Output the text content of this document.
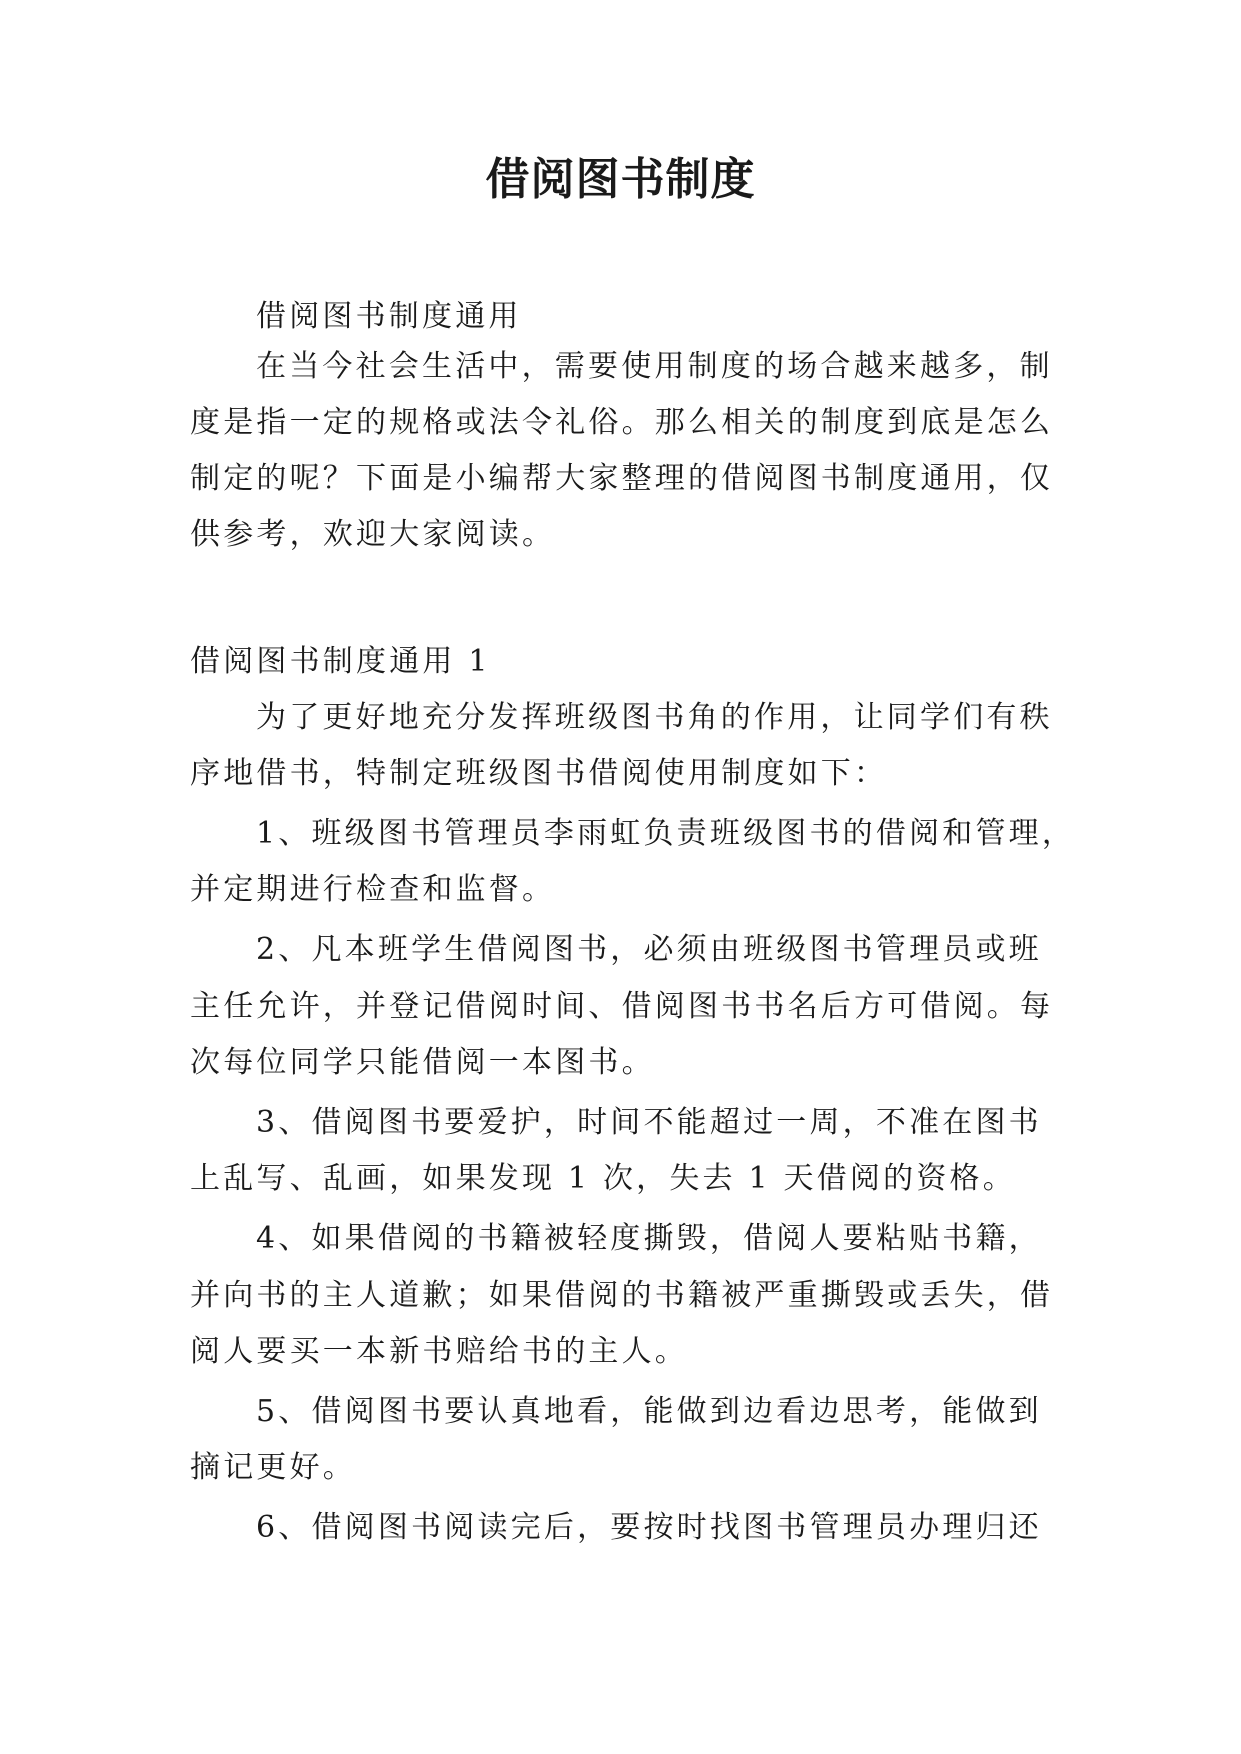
借阅图书制度
借阅图书制度通用
在当今社会生活中，需要使用制度的场合越来越多，制
度是指一定的规格或法令礼俗。那么相关的制度到底是怎么
制定的呢？下面是小编帮大家整理的借阅图书制度通用，仅
供参考，欢迎大家阅读。
借阅图书制度通用 1
为了更好地充分发挥班级图书角的作用，让同学们有秩
序地借书，特制定班级图书借阅使用制度如下：
1、班级图书管理员李雨虹负责班级图书的借阅和管理，
并定期进行检查和监督。
2、凡本班学生借阅图书，必须由班级图书管理员或班
主任允许，并登记借阅时间、借阅图书书名后方可借阅。每
次每位同学只能借阅一本图书。
3、借阅图书要爱护，时间不能超过一周，不准在图书
上乱写、乱画，如果发现 1 次，失去 1 天借阅的资格。
4、如果借阅的书籍被轻度撕毁，借阅人要粘贴书籍，
并向书的主人道歉；如果借阅的书籍被严重撕毁或丢失，借
阅人要买一本新书赔给书的主人。
5、借阅图书要认真地看，能做到边看边思考，能做到
摘记更好。
6、借阅图书阅读完后，要按时找图书管理员办理归还
